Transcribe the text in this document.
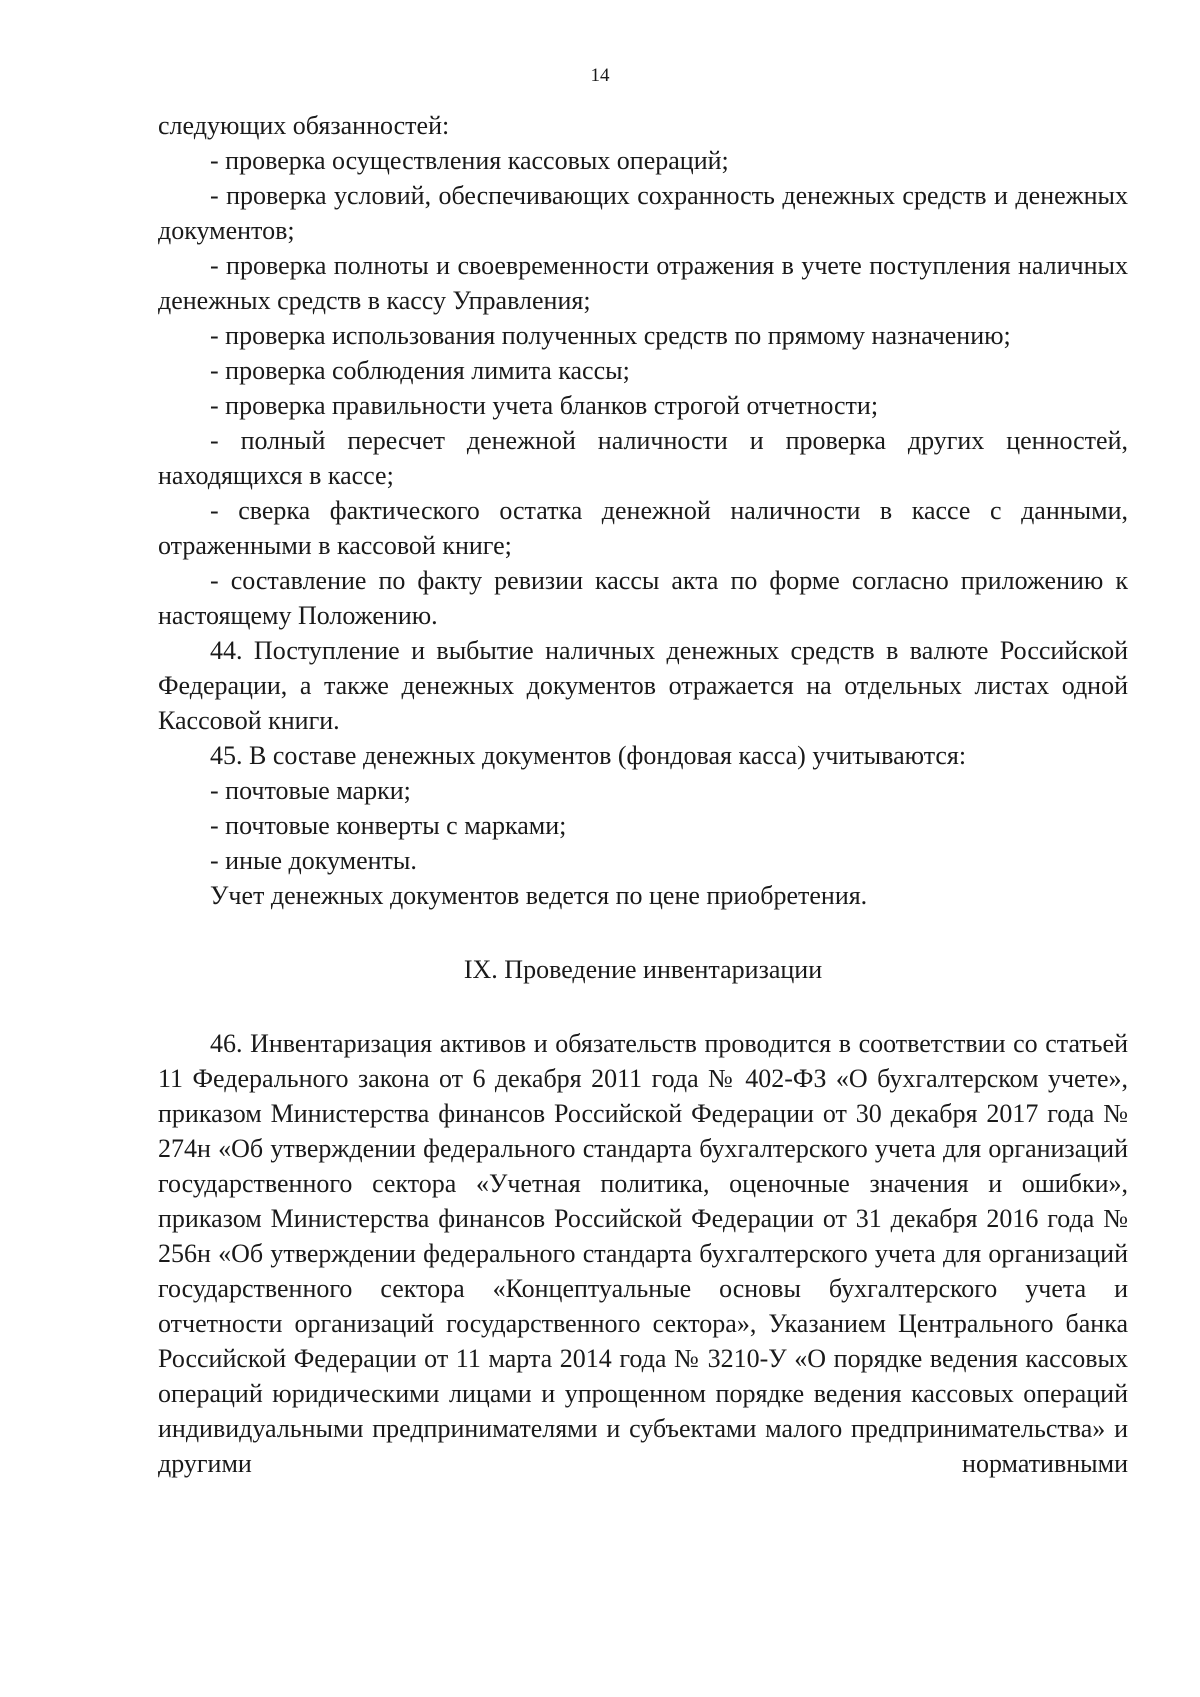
14

следующих обязанностей:

- проверка осуществления кассовых операций;

- проверка условий, обеспечивающих сохранность денежных средств и денежных документов;

- проверка полноты и своевременности отражения в учете поступления наличных денежных средств в кассу Управления;

- проверка использования полученных средств по прямому назначению;

- проверка соблюдения лимита кассы;

- проверка правильности учета бланков строгой отчетности;

- полный пересчет денежной наличности и проверка других ценностей, находящихся в кассе;

- сверка фактического остатка денежной наличности в кассе с данными, отраженными в кассовой книге;

- составление по факту ревизии кассы акта по форме согласно приложению к настоящему Положению.

44. Поступление и выбытие наличных денежных средств в валюте Российской Федерации, а также денежных документов отражается на отдельных листах одной Кассовой книги.

45. В составе денежных документов (фондовая касса) учитываются:

- почтовые марки;

- почтовые конверты с марками;

- иные документы.

Учет денежных документов ведется по цене приобретения.

IX. Проведение инвентаризации

46. Инвентаризация активов и обязательств проводится в соответствии со статьей 11 Федерального закона от 6 декабря 2011 года № 402-ФЗ «О бухгалтерском учете», приказом Министерства финансов Российской Федерации от 30 декабря 2017 года № 274н «Об утверждении федерального стандарта бухгалтерского учета для организаций государственного сектора «Учетная политика, оценочные значения и ошибки», приказом Министерства финансов Российской Федерации от 31 декабря 2016 года № 256н «Об утверждении федерального стандарта бухгалтерского учета для организаций государственного сектора «Концептуальные основы бухгалтерского учета и отчетности организаций государственного сектора», Указанием Центрального банка Российской Федерации от 11 марта 2014 года № 3210-У «О порядке ведения кассовых операций юридическими лицами и упрощенном порядке ведения кассовых операций индивидуальными предпринимателями и субъектами малого предпринимательства» и другими нормативными
